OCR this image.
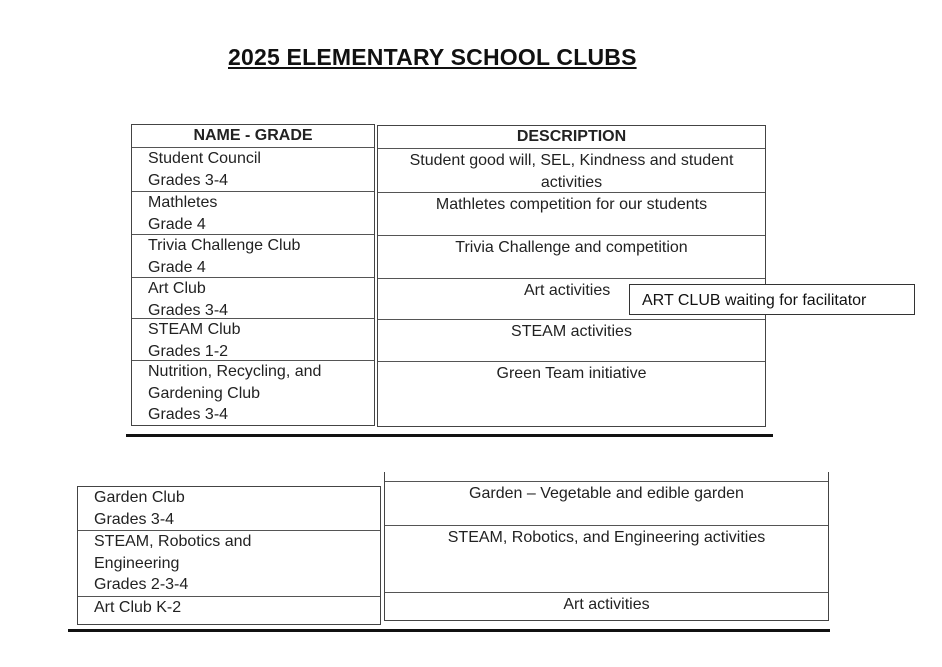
2025 ELEMENTARY SCHOOL CLUBS
NAME - GRADE
Student Council
Grades 3-4
Mathletes
Grade 4
Trivia Challenge Club
Grade 4
Art Club
Grades 3-4
STEAM Club
Grades 1-2
Nutrition, Recycling, and
Gardening Club
Grades 3-4
DESCRIPTION
Student good will, SEL, Kindness and student activities
Mathletes competition for our students
Trivia Challenge and competition
Art activities
STEAM activities
Green Team initiative
ART CLUB waiting for facilitator
Garden Club
Grades 3-4
STEAM, Robotics and
Engineering
Grades 2-3-4
Art Club K-2
Garden – Vegetable and edible garden
STEAM, Robotics, and Engineering activities
Art activities
